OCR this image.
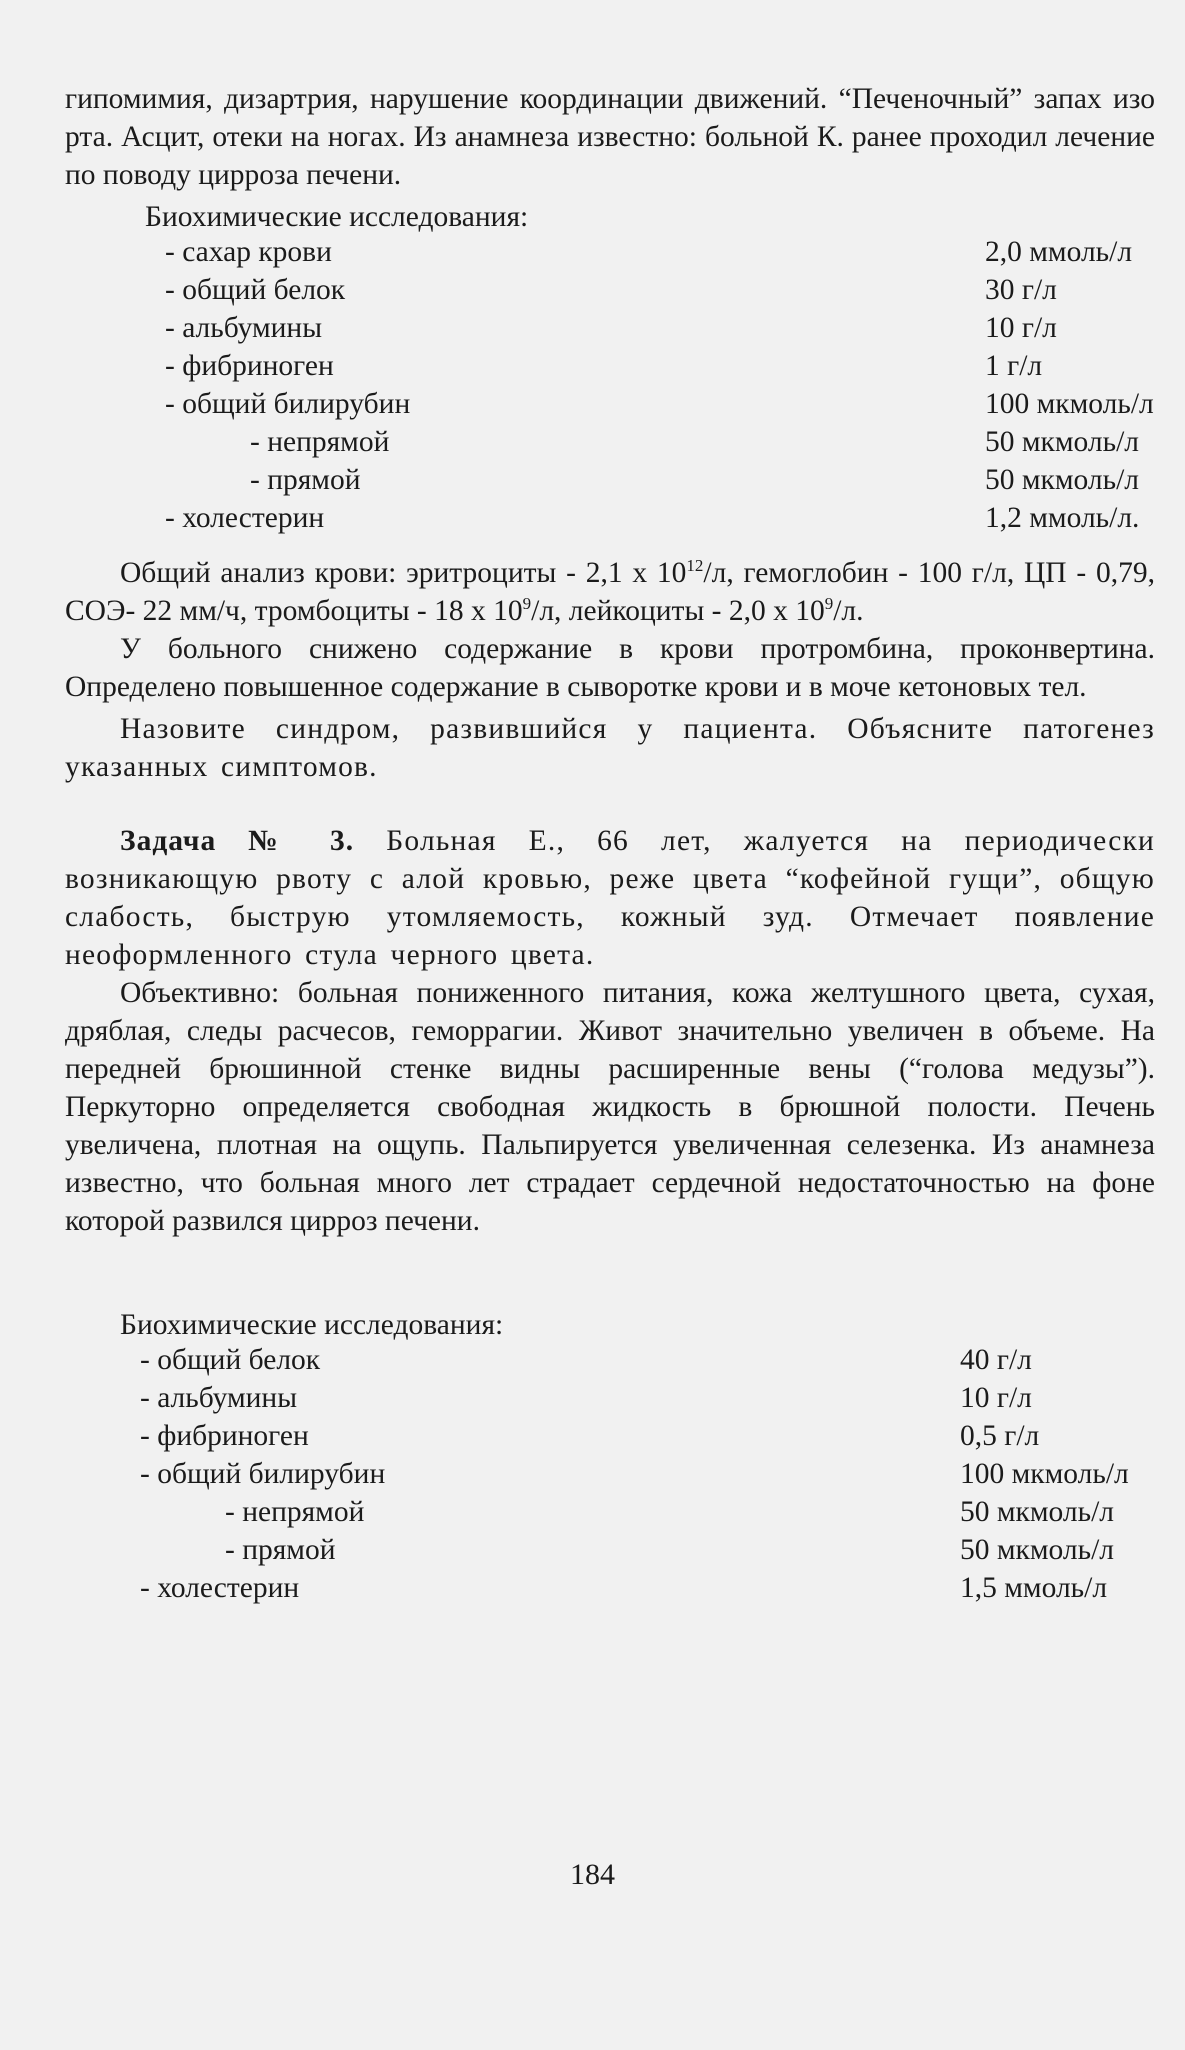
гипомимия, дизартрия, нарушение координации движений. “Печеночный” запах изо рта. Асцит, отеки на ногах. Из анамнеза известно: больной К. ранее проходил лечение по поводу цирроза печени.

Биохимические исследования:

- сахар крови	2,0 ммоль/л
- общий белок	30 г/л
- альбумины	10 г/л
- фибриноген	1 г/л
- общий билирубин	100 мкмоль/л
- непрямой	50 мкмоль/л
- прямой	50 мкмоль/л
- холестерин	1,2 ммоль/л.

Общий анализ крови: эритроциты - 2,1 х $10^{12}/л$, гемоглобин - 100 г/л, ЦП - 0,79, СОЭ- 22 мм/ч, тромбоциты - 18 х $10^9/л$, лейкоциты - 2,0 х $10^9/л$.

У больного снижено содержание в крови протромбина, проконвертина. Определено повышенное содержание в сыворотке крови и в моче кетоновых тел.

Назовите синдром, развившийся у пациента. Объясните патогенез указанных симптомов.

Задача № 3. Больная Е., 66 лет, жалуется на периодически возникающую рвоту с алой кровью, реже цвета “кофейной гущи”, общую слабость, быструю утомляемость, кожный зуд. Отмечает появление неоформленного стула черного цвета.

Объективно: больная пониженного питания, кожа желтушного цвета, сухая, дряблая, следы расчесов, геморрагии. Живот значительно увеличен в объеме. На передней брюшинной стенке видны расширенные вены (“голова медузы”). Перкуторно определяется свободная жидкость в брюшной полости. Печень увеличена, плотная на ощупь. Пальпируется увеличенная селезенка. Из анамнеза известно, что больная много лет страдает сердечной недостаточностью на фоне которой развился цирроз печени.

Биохимические исследования:

- общий белок	40 г/л
- альбумины	10 г/л
- фибриноген	0,5 г/л
- общий билирубин	100 мкмоль/л
- непрямой	50 мкмоль/л
- прямой	50 мкмоль/л
- холестерин	1,5 ммоль/л
184
